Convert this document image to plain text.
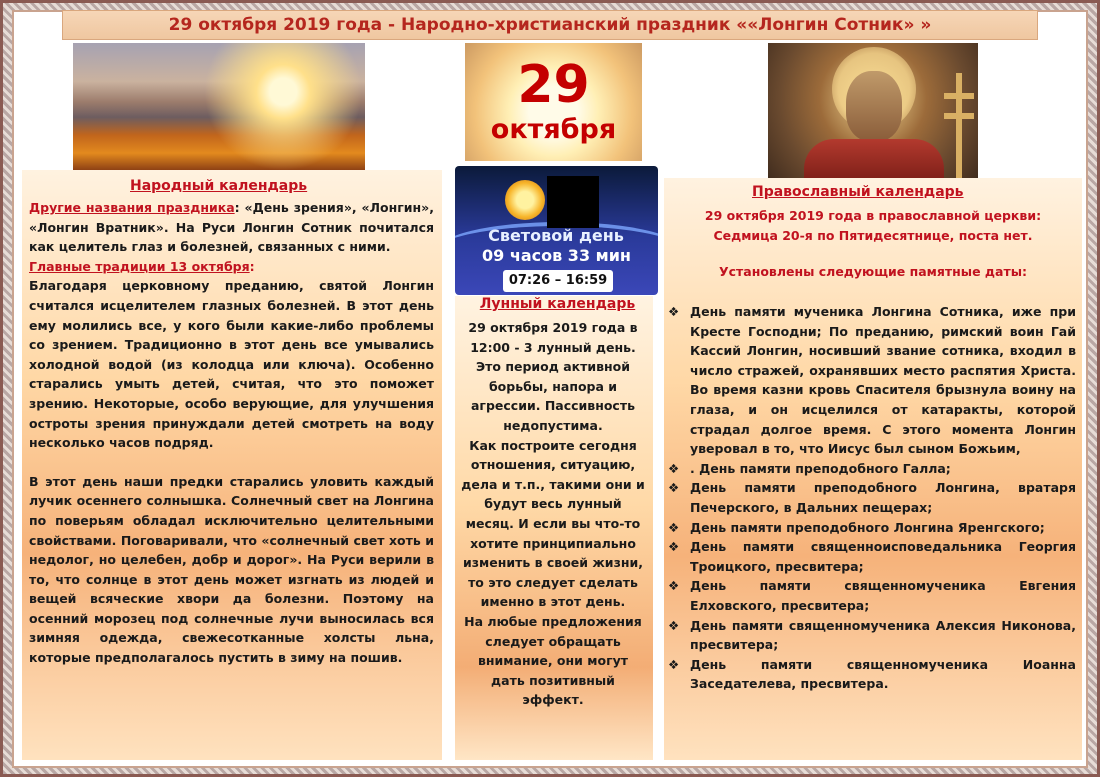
29 октября 2019 года - Народно-христианский праздник ««Лонгин Сотник» »
29
октября
Световой день
09 часов 33 мин
07:26 – 16:59
Народный календарь

Другие названия праздника: «День зрения», «Лонгин», «Лонгин Вратник». На Руси Лонгин Сотник почитался как целитель глаз и болезней, связанных с ними.

Главные традиции 13 октября:

Благодаря церковному преданию, святой Лонгин считался исцелителем глазных болезней. В этот день ему молились все, у кого были какие-либо проблемы со зрением. Традиционно в этот день все умывались холодной водой (из колодца или ключа). Особенно старались умыть детей, считая, что это поможет зрению. Некоторые, особо верующие, для улучшения остроты зрения принуждали детей смотреть на воду несколько часов подряд.

В этот день наши предки старались уловить каждый лучик осеннего солнышка. Солнечный свет на Лонгина по поверьям обладал исключительно целительными свойствами. Поговаривали, что «солнечный свет хоть и недолог, но целебен, добр и дорог». На Руси верили в то, что солнце в этот день может изгнать из людей и вещей всяческие хвори да болезни. Поэтому на осенний морозец под солнечные лучи выносилась вся зимняя одежда, свежесотканные холсты льна, которые предполагалось пустить в зиму на пошив.

Лунный календарь

29 октября 2019 года в 12:00 - 3 лунный день. Это период активной борьбы, напора и агрессии. Пассивность недопустима.

Как построите сегодня отношения, ситуацию, дела и т.п., такими они и будут весь лунный месяц. И если вы что-то хотите принципиально изменить в своей жизни, то это следует сделать именно в этот день.

На любые предложения следует обращать внимание, они могут дать позитивный эффект.

Православный календарь
29 октября 2019 года в православной церкви:
Седмица 20-я по Пятидесятнице, поста нет.
Установлены следующие памятные даты:
❖ День памяти мученика Лонгина Сотника, иже при Кресте Господни; По преданию, римский воин Гай Кассий Лонгин, носивший звание сотника, входил в число стражей, охранявших место распятия Христа. Во время казни кровь Спасителя брызнула воину на глаза, и он исцелился от катаракты, которой страдал долгое время. С этого момента Лонгин уверовал в то, что Иисус был сыном Божьим,
❖ . День памяти преподобного Галла;
❖ День памяти преподобного Лонгина, вратаря Печерского, в Дальних пещерах;
❖ День памяти преподобного Лонгина Яренгского;
❖ День памяти священноисповедальника Георгия Троицкого, пресвитера;
❖ День памяти священномученика Евгения Елховского, пресвитера;
❖ День памяти священномученика Алексия Никонова, пресвитера;
❖ День памяти священномученика Иоанна Заседателева, пресвитера.
